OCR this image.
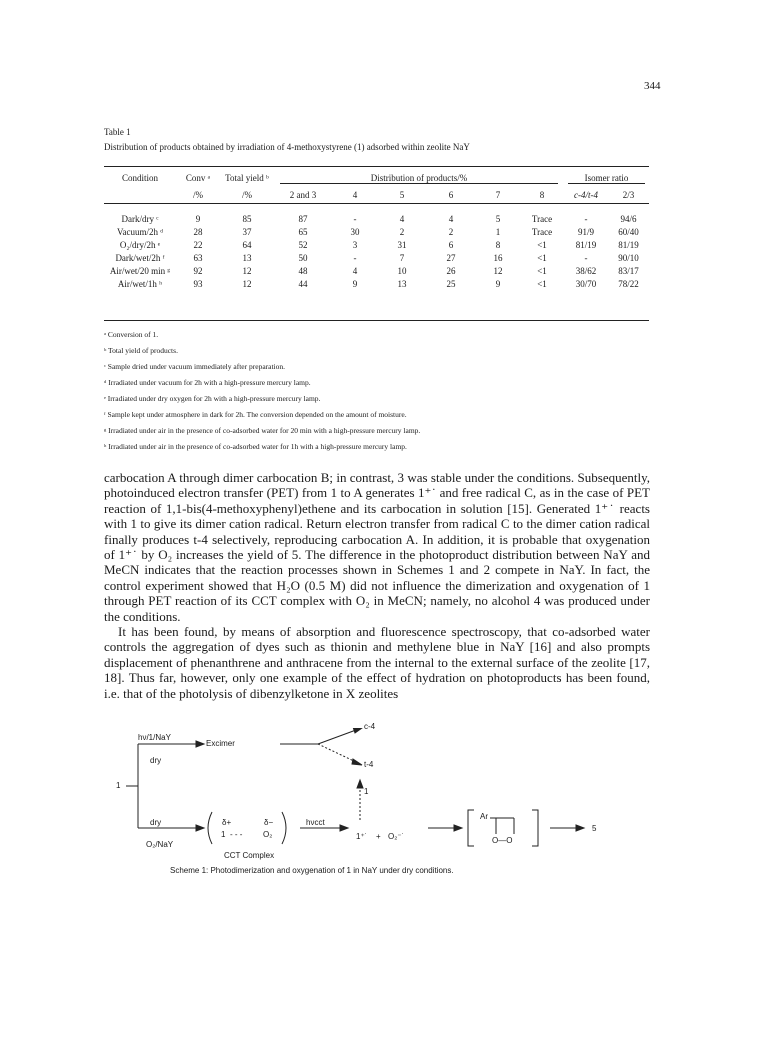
344
Table 1
Distribution of products obtained by irradiation of 4-methoxystyrene (1) adsorbed within zeolite NaY
Condition	Conv ᵃ	Total yield ᵇ	Distribution of products/%						Isomer ratio	
	/%	/%	2 and 3	4	5	6	7	8	c-4/t-4	2/3

Dark/dry ᶜ	9	85	87	-	4	4	5	Trace	-	94/6
Vacuum/2h ᵈ	28	37	65	30	2	2	1	Trace	91/9	60/40
O₂/dry/2h ᵉ	22	64	52	3	31	6	8	<1	81/19	81/19
Dark/wet/2h ᶠ	63	13	50	-	7	27	16	<1	-	90/10
Air/wet/20 min ᵍ	92	12	48	4	10	26	12	<1	38/62	83/17
Air/wet/1h ʰ	93	12	44	9	13	25	9	<1	30/70	78/22
ᵃ Conversion of 1.
ᵇ Total yield of products.
ᶜ Sample dried under vacuum immediately after preparation.
ᵈ Irradiated under vacuum for 2h with a high-pressure mercury lamp.
ᵉ Irradiated under dry oxygen for 2h with a high-pressure mercury lamp.
ᶠ Sample kept under atmosphere in dark for 2h. The conversion depended on the amount of moisture.
ᵍ Irradiated under air in the presence of co-adsorbed water for 20 min with a high-pressure mercury lamp.
ʰ Irradiated under air in the presence of co-adsorbed water for 1h with a high-pressure mercury lamp.

carbocation A through dimer carbocation B; in contrast, 3 was stable under the conditions. Subsequently, photoinduced electron transfer (PET) from 1 to A generates 1⁺˙ and free radical C, as in the case of PET reaction of 1,1-bis(4-methoxyphenyl)ethene and its carbocation in solution [15]. Generated 1⁺˙ reacts with 1 to give its dimer cation radical. Return electron transfer from radical C to the dimer cation radical finally produces t-4 selectively, reproducing carbocation A. In addition, it is probable that oxygenation of 1⁺˙ by O₂ increases the yield of 5. The difference in the photoproduct distribution between NaY and MeCN indicates that the reaction processes shown in Schemes 1 and 2 compete in NaY. In fact, the control experiment showed that H₂O (0.5 M) did not influence the dimerization and oxygenation of 1 through PET reaction of its CCT complex with O₂ in MeCN; namely, no alcohol 4 was produced under the conditions.

It has been found, by means of absorption and fluorescence spectroscopy, that co-adsorbed water controls the aggregation of dyes such as thionin and methylene blue in NaY [16] and also prompts displacement of phenanthrene and anthracene from the internal to the external surface of the zeolite [17, 18]. Thus far, however, only one example of the effect of hydration on photoproducts has been found, i.e. that of the photolysis of dibenzylketone in X zeolites

hν/1/NaY
dry
Excimer
c-4
t-4
1
1
dry
O₂/NaY
δ+	δ−
1 - - -	O₂
hνcct
1⁺˙ + O₂⁻˙
Ar
O—O
5
CCT Complex
Scheme 1: Photodimerization and oxygenation of 1 in NaY under dry conditions.
